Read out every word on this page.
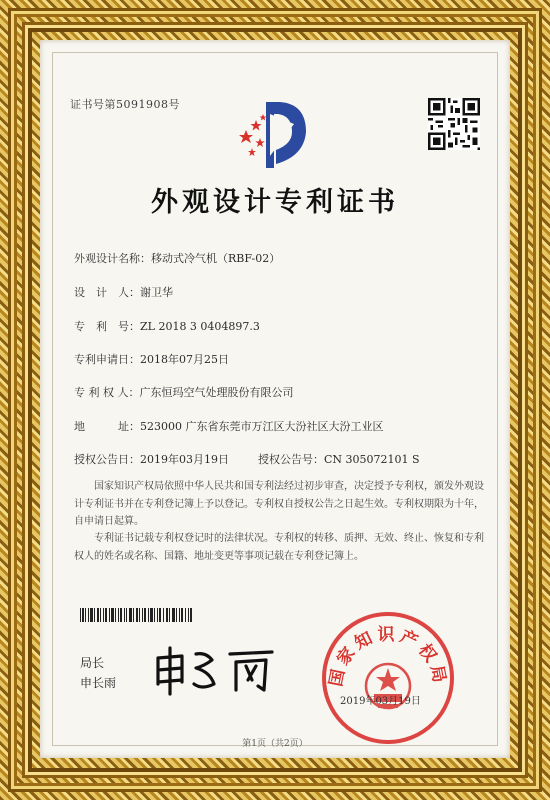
证书号第5091908号
外观设计专利证书
外观设计名称：移动式冷气机（RBF-02）
设　计　人：谢卫华
专　利　号：ZL 2018 3 0404897.3
专利申请日：2018年07月25日
专 利 权 人：广东恒玛空气处理股份有限公司
地　　　址：523000 广东省东莞市万江区大汾社区大汾工业区
授权公告日：2019年03月19日	授权公告号：CN 305072101 S
国家知识产权局依照中华人民共和国专利法经过初步审查，决定授予专利权，颁发外观设计专利证书并在专利登记簿上予以登记。专利权自授权公告之日起生效。专利权期限为十年，自申请日起算。
专利证书记载专利权登记时的法律状况。专利权的转移、质押、无效、终止、恢复和专利权人的姓名或名称、国籍、地址变更等事项记载在专利登记簿上。
局长
申长雨	国家知识产权局
2019年03月19日
第1页（共2页）
